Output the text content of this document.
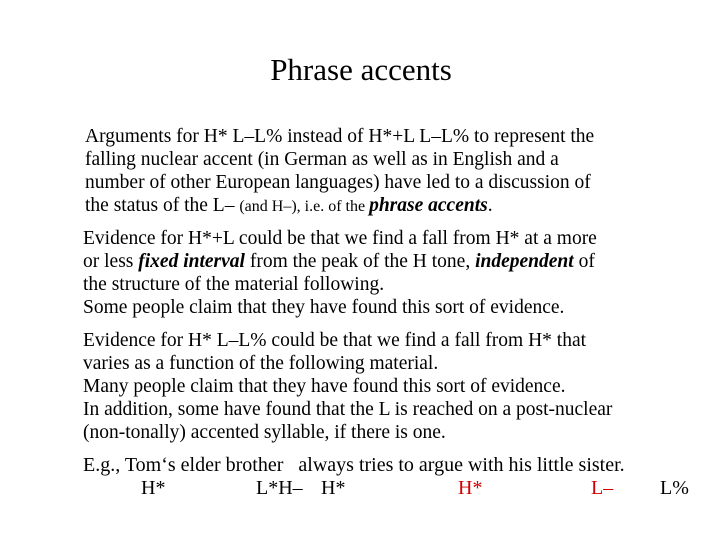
Phrase accents
Arguments for H* L–L% instead of H*+L L–L% to represent the
falling nuclear accent (in German as well as in English and a
number of other European languages) have led to a discussion of
the status of the L– (and H–), i.e. of the phrase accents.
Evidence for H*+L could be that we find a fall from H* at a more
or less fixed interval from the peak of the H tone, independent of
the structure of the material following.
Some people claim that they have found this sort of evidence.
Evidence for H* L–L% could be that we find a fall from H* that
varies as a function of the following material.
Many people claim that they have found this sort of evidence.
In addition, some have found that the L is reached on a post-nuclear
(non-tonally) accented syllable, if there is one.
E.g., Tom‘s elder brother   always tries to argue with his little sister.
H*	L*H– H*	H*	L– L%
